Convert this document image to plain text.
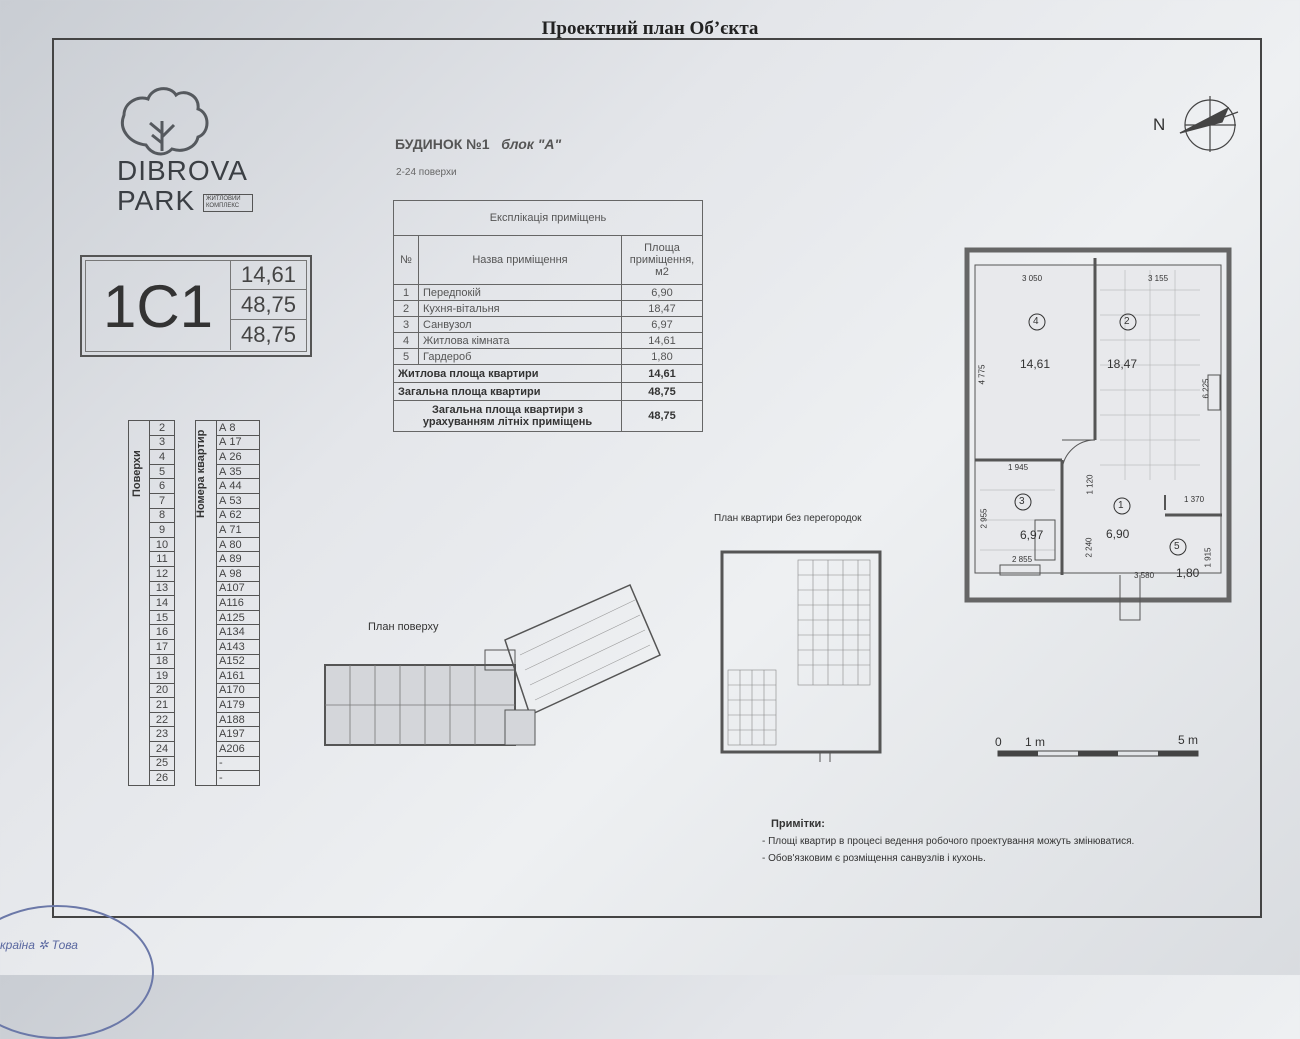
Проектний план Об’єкта
DIBROVA
PARK	ЖИТЛОВИЙ КОМПЛЕКС
1С1	14,61
48,75
48,75
БУДИНОК №1 блок "А"
2-24 поверхи
Експлікація приміщень		
№	Назва приміщення	Площа приміщення, м2
1	Передпокій	6,90
2	Кухня-вітальня	18,47
3	Санвузол	6,97
4	Житлова кімната	14,61
5	Гардероб	1,80
Житлова площа квартири		14,61
Загальна площа квартири		48,75
Загальна площа квартири з урахуванням літніх приміщень		48,75
	2			А 8
	3			А 17
	4			А 26
	5			А 35
	6			А 44
	7			А 53
	8			А 62
	9			А 71
	10			А 80
	11			А 89
	12			А 98
	13			А107
	14			А116
	15			А125
	16			А134
	17			А143
	18			А152
	19			А161
	20			А170
	21			А179
	22			А188
	23			А197
	24			А206
	25			-
	26			-
Поверхи	Номера квартир
N
4
14,61
2
18,47
3
6,97
1
6,90
5
1,80
3 050	3 155
4 775
6 225
1 945
2 955
2 240
1 120
3 580
1 370
1 915
2 855
План поверху
План квартири без перегородок
0 1 m	5 m
Примітки:
- Площі квартир в процесі ведення робочого проектування можуть змінюватися.
- Обов'язковим є розміщення санвузлів і кухонь.
країна ✲ Това
